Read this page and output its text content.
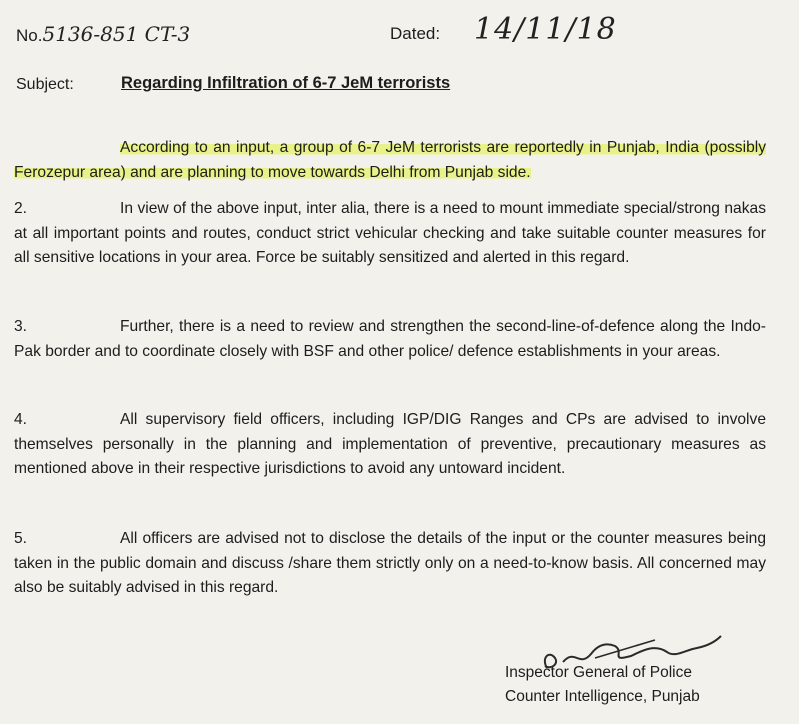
No.5136-851 CT-3	Dated: 14/11/18
Subject:	Regarding Infiltration of 6-7 JeM terrorists
According to an input, a group of 6-7 JeM terrorists are reportedly in Punjab, India (possibly Ferozepur area) and are planning to move towards Delhi from Punjab side.
2.	In view of the above input, inter alia, there is a need to mount immediate special/strong nakas at all important points and routes, conduct strict vehicular checking and take suitable counter measures for all sensitive locations in your area. Force be suitably sensitized and alerted in this regard.
3.	Further, there is a need to review and strengthen the second-line-of-defence along the Indo-Pak border and to coordinate closely with BSF and other police/ defence establishments in your areas.
4.	All supervisory field officers, including IGP/DIG Ranges and CPs are advised to involve themselves personally in the planning and implementation of preventive, precautionary measures as mentioned above in their respective jurisdictions to avoid any untoward incident.
5.	All officers are advised not to disclose the details of the input or the counter measures being taken in the public domain and discuss /share them strictly only on a need-to-know basis. All concerned may also be suitably advised in this regard.
Inspector General of Police
Counter Intelligence, Punjab
